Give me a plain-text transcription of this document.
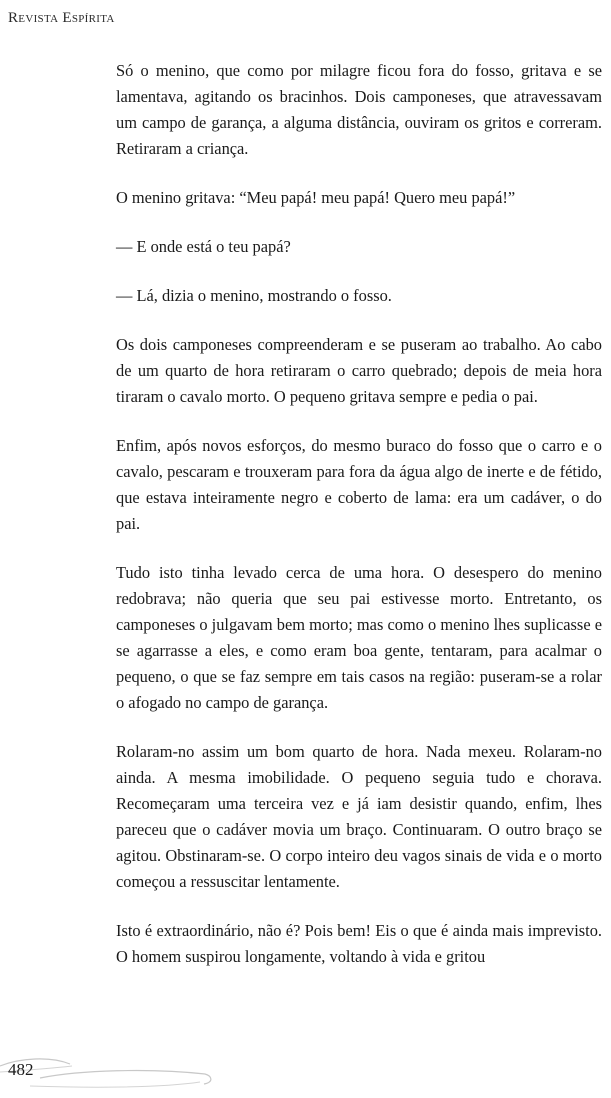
Revista Espírita

Só o menino, que como por milagre ficou fora do fosso, gritava e se lamentava, agitando os bracinhos. Dois camponeses, que atravessavam um campo de garança, a alguma distância, ouviram os gritos e correram. Retiraram a criança.

O menino gritava: “Meu papá! meu papá! Quero meu papá!”

— E onde está o teu papá?

— Lá, dizia o menino, mostrando o fosso.

Os dois camponeses compreenderam e se puseram ao trabalho. Ao cabo de um quarto de hora retiraram o carro quebrado; depois de meia hora tiraram o cavalo morto. O pequeno gritava sempre e pedia o pai.

Enfim, após novos esforços, do mesmo buraco do fosso que o carro e o cavalo, pescaram e trouxeram para fora da água algo de inerte e de fétido, que estava inteiramente negro e coberto de lama: era um cadáver, o do pai.

Tudo isto tinha levado cerca de uma hora. O desespero do menino redobrava; não queria que seu pai estivesse morto. Entretanto, os camponeses o julgavam bem morto; mas como o menino lhes suplicasse e se agarrasse a eles, e como eram boa gente, tentaram, para acalmar o pequeno, o que se faz sempre em tais casos na região: puseram-se a rolar o afogado no campo de garança.

Rolaram-no assim um bom quarto de hora. Nada mexeu. Rolaram-no ainda. A mesma imobilidade. O pequeno seguia tudo e chorava. Recomeçaram uma terceira vez e já iam desistir quando, enfim, lhes pareceu que o cadáver movia um braço. Continuaram. O outro braço se agitou. Obstinaram-se. O corpo inteiro deu vagos sinais de vida e o morto começou a ressuscitar lentamente.

Isto é extraordinário, não é? Pois bem! Eis o que é ainda mais imprevisto. O homem suspirou longamente, voltando à vida e gritou

482
